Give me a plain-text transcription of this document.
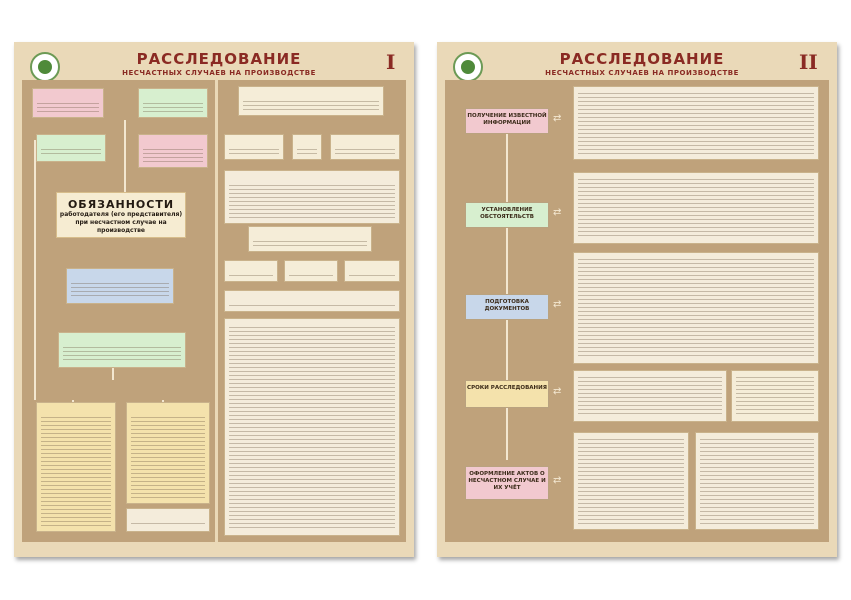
РАССЛЕДОВАНИЕ
НЕСЧАСТНЫХ СЛУЧАЕВ НА ПРОИЗВОДСТВЕ	I
ОБЯЗАННОСТИ
работодателя (его представителя)
при несчастном случае на производстве
РАССЛЕДОВАНИЕ
НЕСЧАСТНЫХ СЛУЧАЕВ НА ПРОИЗВОДСТВЕ	II
ПОЛУЧЕНИЕ ИЗВЕСТНОЙ ИНФОРМАЦИИ
УСТАНОВЛЕНИЕ ОБСТОЯТЕЛЬСТВ
ПОДГОТОВКА ДОКУМЕНТОВ
СРОКИ РАССЛЕДОВАНИЯ
ОФОРМЛЕНИЕ АКТОВ О НЕСЧАСТНОМ СЛУЧАЕ И ИХ УЧЁТ
⇄
⇄
⇄
⇄
⇄
